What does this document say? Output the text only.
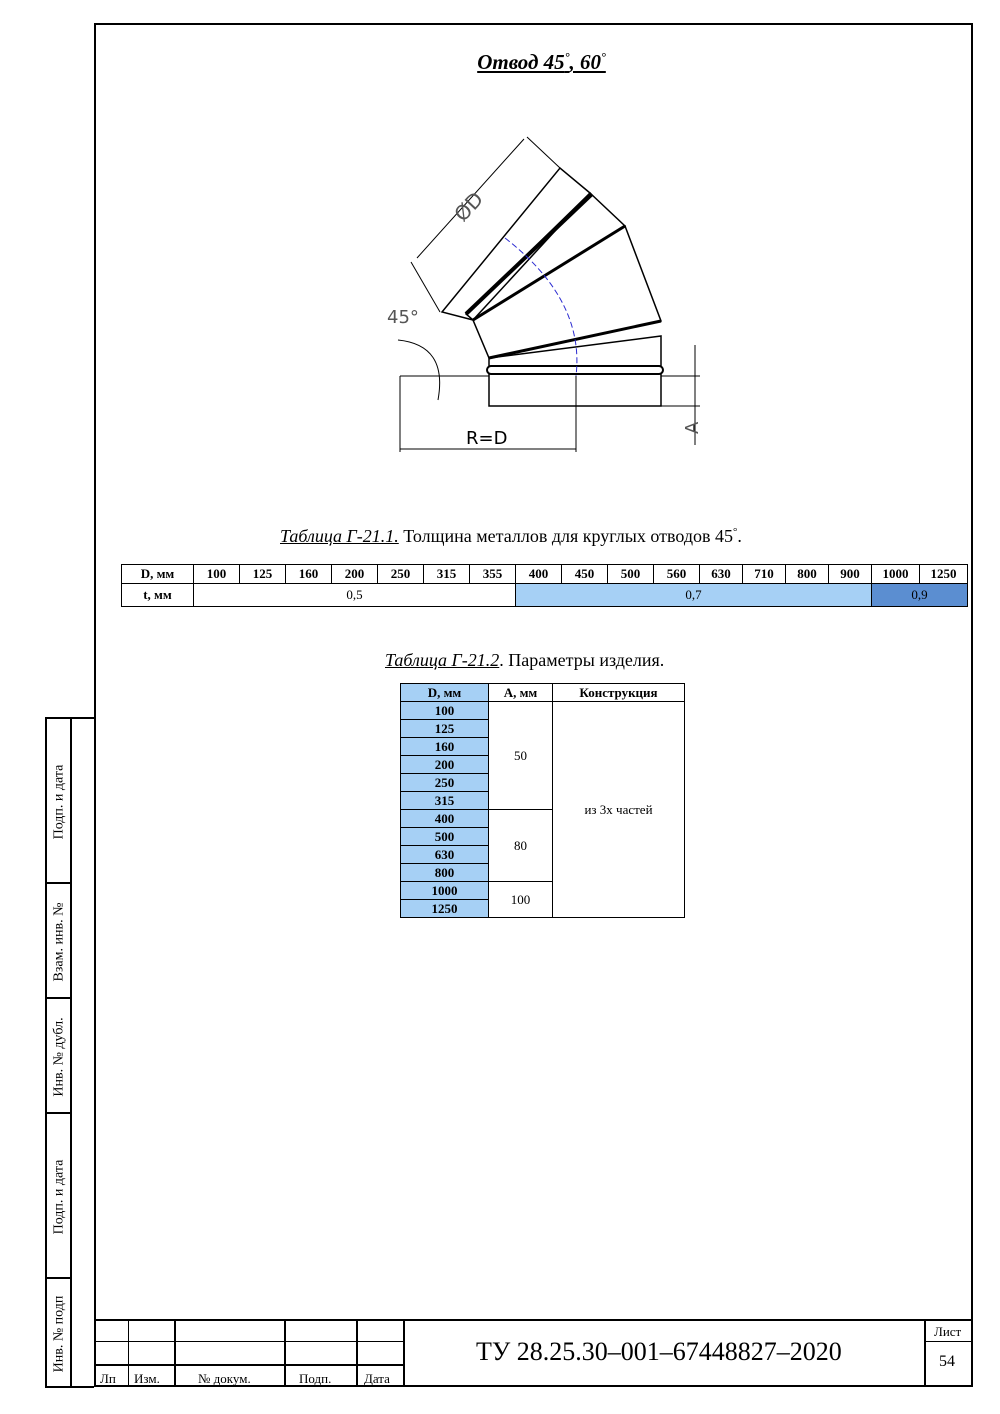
Отвод 45°, 60°
ØD
45°
R=D
A
Таблица Г-21.1. Толщина металлов для круглых отводов 45°.
D, мм	100	125	160	200	250	315	355	400	450	500	560	630	710	800	900	1000	1250
t, мм	0,5							0,7								0,9	
Таблица Г-21.2. Параметры изделия.
D, мм	А, мм	Конструкция
100	50	из 3х частей
125		
160		
200		
250		
315		
400	80	
500		
630		
800		
1000	100	
1250		
Подп. и дата
Взам. инв. №
Инв. № дубл.
Подп. и дата
Инв. № подп
Лп Изм.	№ докум.	Подп.	Дата
ТУ 28.25.30–001–67448827–2020
Лист
54
